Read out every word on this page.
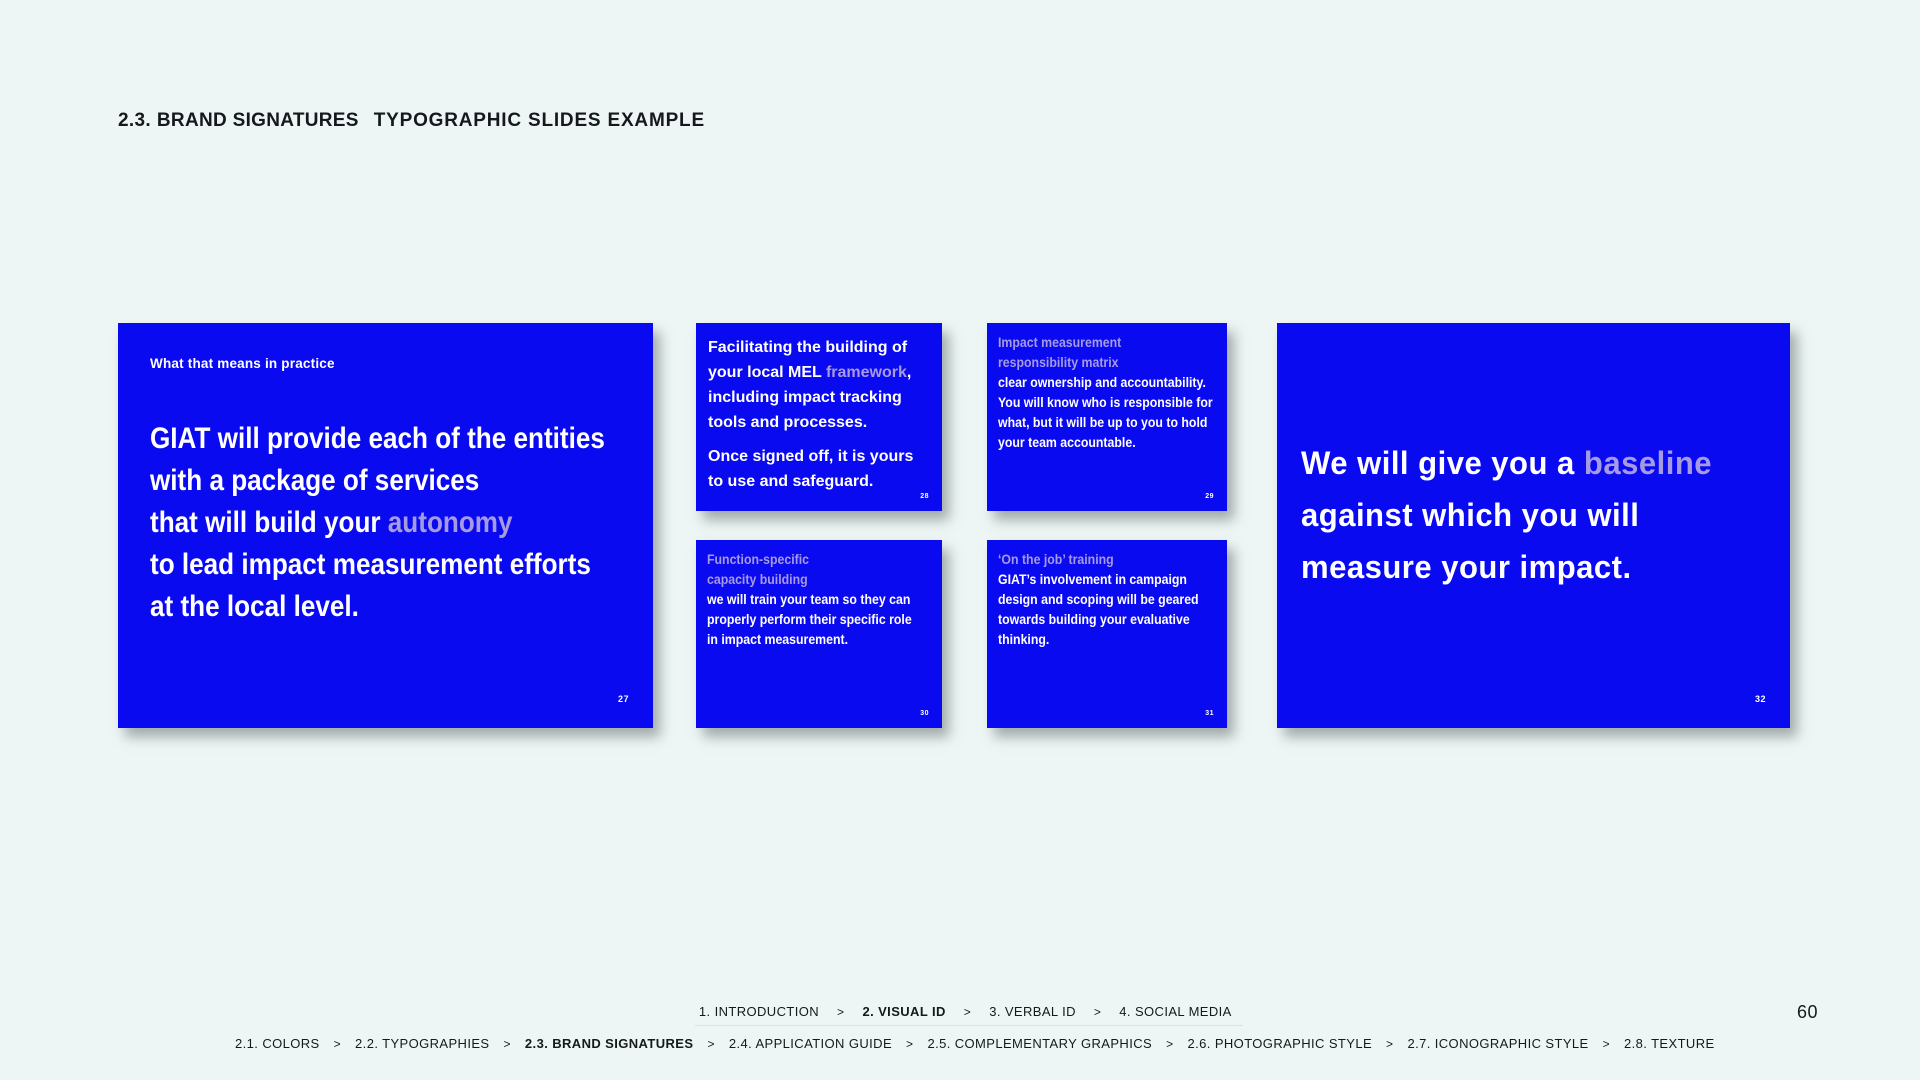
2.3. BRAND SIGNATURES TYPOGRAPHIC SLIDES EXAMPLE
What that means in practice
GIAT will provide each of the entities
with a package of services
that will build your autonomy
to lead impact measurement efforts
at the local level.
27
Facilitating the building of
your local MEL framework,
including impact tracking
tools and processes.
Once signed off, it is yours
to use and safeguard.
28
Impact measurement
responsibility matrix
clear ownership and accountability.
You will know who is responsible for
what, but it will be up to you to hold
your team accountable.
29
Function-specific
capacity building
we will train your team so they can
properly perform their specific role
in impact measurement.
30
‘On the job’ training
GIAT’s involvement in campaign
design and scoping will be geared
towards building your evaluative
thinking.
31
We will give you a baseline
against which you will
measure your impact.
32
1. INTRODUCTION > 2. VISUAL ID > 3. VERBAL ID > 4. SOCIAL MEDIA
2.1. COLORS > 2.2. TYPOGRAPHIES > 2.3. BRAND SIGNATURES > 2.4. APPLICATION GUIDE > 2.5. COMPLEMENTARY GRAPHICS > 2.6. PHOTOGRAPHIC STYLE > 2.7. ICONOGRAPHIC STYLE > 2.8. TEXTURE
60
